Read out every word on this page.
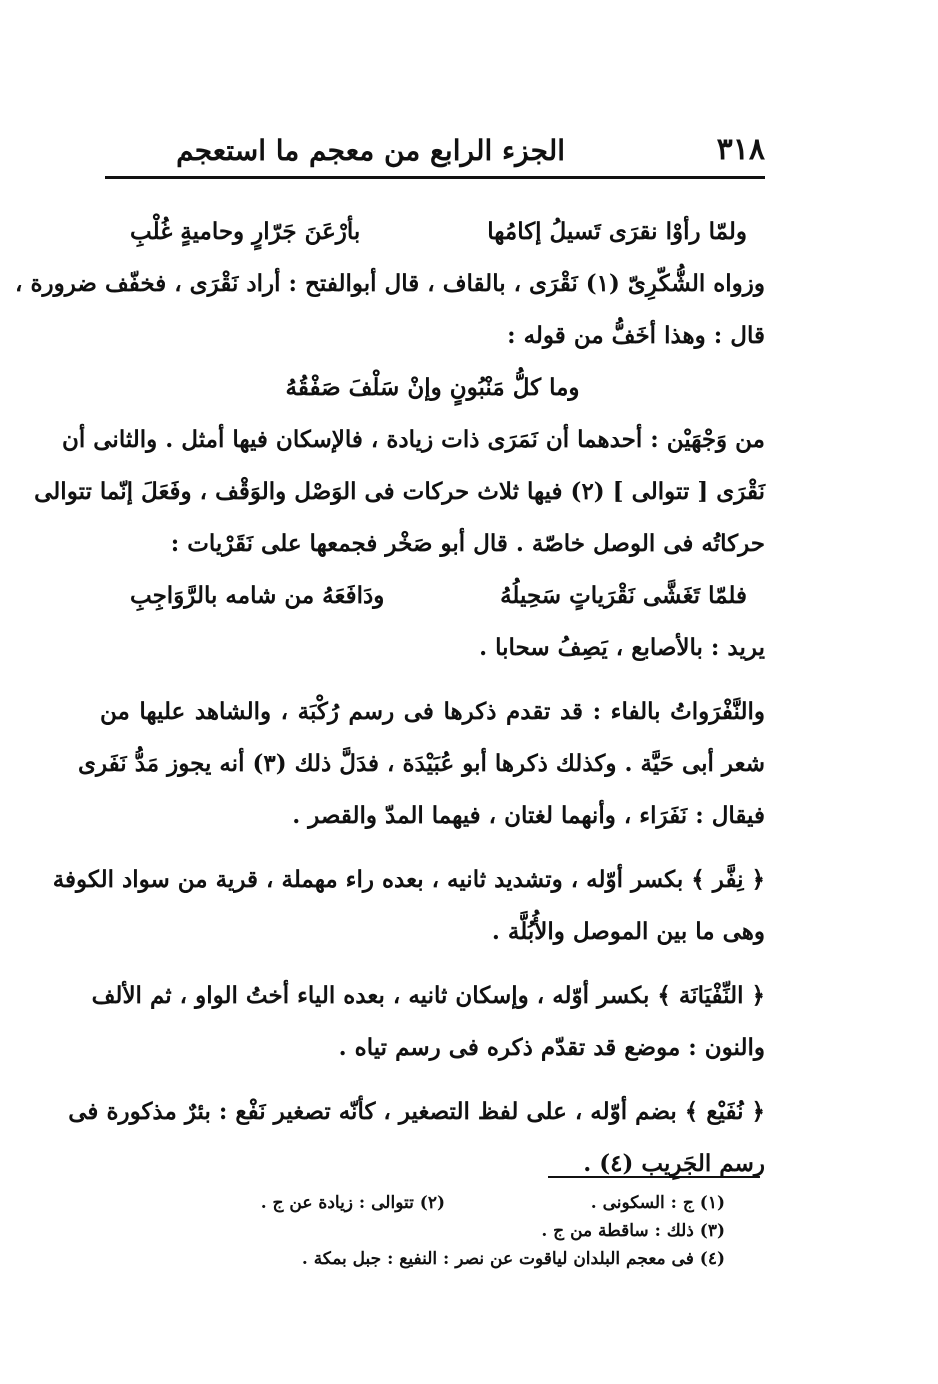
٣١٨
الجزء الرابع من معجم ما استعجم
ولمّا رأوْا نقرَى تَسيلُ إكامُها
بأرْعَنَ جَرّارٍ وحاميةٍ غُلْبِ
وزواه الشُّكّرِىّ (١) نَقْرَى ، بالقاف ، قال أبوالفتح : أراد نَقْرَى ، فخفّف ضرورة ،
قال : وهذا أخَفُّ من قوله :
وما كلُّ مَنْبُونٍ وإنْ سَلْفَ صَفْقُهُ
من وَجْهَيْن : أحدهما أن نَمَرَى ذات زيادة ، فالإسكان فيها أمثل . والثانى أن
نَقْرَى [ تتوالى ] (٢) فيها ثلاث حركات فى الوَصْل والوَقْف ، وفَعَلَ إنّما تتوالى
حركاتُه فى الوصل خاصّة . قال أبو صَخْر فجمعها على نَقَرْيات :
فلمّا تَغَشَّى نَقْرَياتٍ سَحِيلُهُ
ودَافَعَهُ من شامه بالرَّوَاجِبِ
يريد : بالأصابع ، يَصِفُ سحابا .
والنَّفْرَواتُ بالفاء : قد تقدم ذكرها فى رسم رُكْبَة ، والشاهد عليها من
شعر أبى حَيَّة . وكذلك ذكرها أبو عُبَيْدَة ، فدَلَّ ذلك (٣) أنه يجوز مَدُّ نَفَرى
فيقال : نَفَرَاء ، وأنهما لغتان ، فيهما المدّ والقصر .
﴿ نِفَّر ﴾ بكسر أوّله ، وتشديد ثانيه ، بعده راء مهملة ، قرية من سواد الكوفة
وهى ما بين الموصل والأُبُلَّة .
﴿ النِّفْيَانَة ﴾ بكسر أوّله ، وإسكان ثانيه ، بعده الياء أختُ الواو ، ثم الألف
والنون : موضع قد تقدّم ذكره فى رسم تياه .
﴿ نُفَيْع ﴾ بضم أوّله ، على لفظ التصغير ، كأنّه تصغير نَفْع : بئرٌ مذكورة فى
رسم الجَرِيب (٤) .
(١) ج : السكونى .
(٢) تتوالى : زيادة عن ج .
(٣) ذلك : ساقطة من ج .
(٤) فى معجم البلدان لياقوت عن نصر : النفيع : جبل بمكة .
